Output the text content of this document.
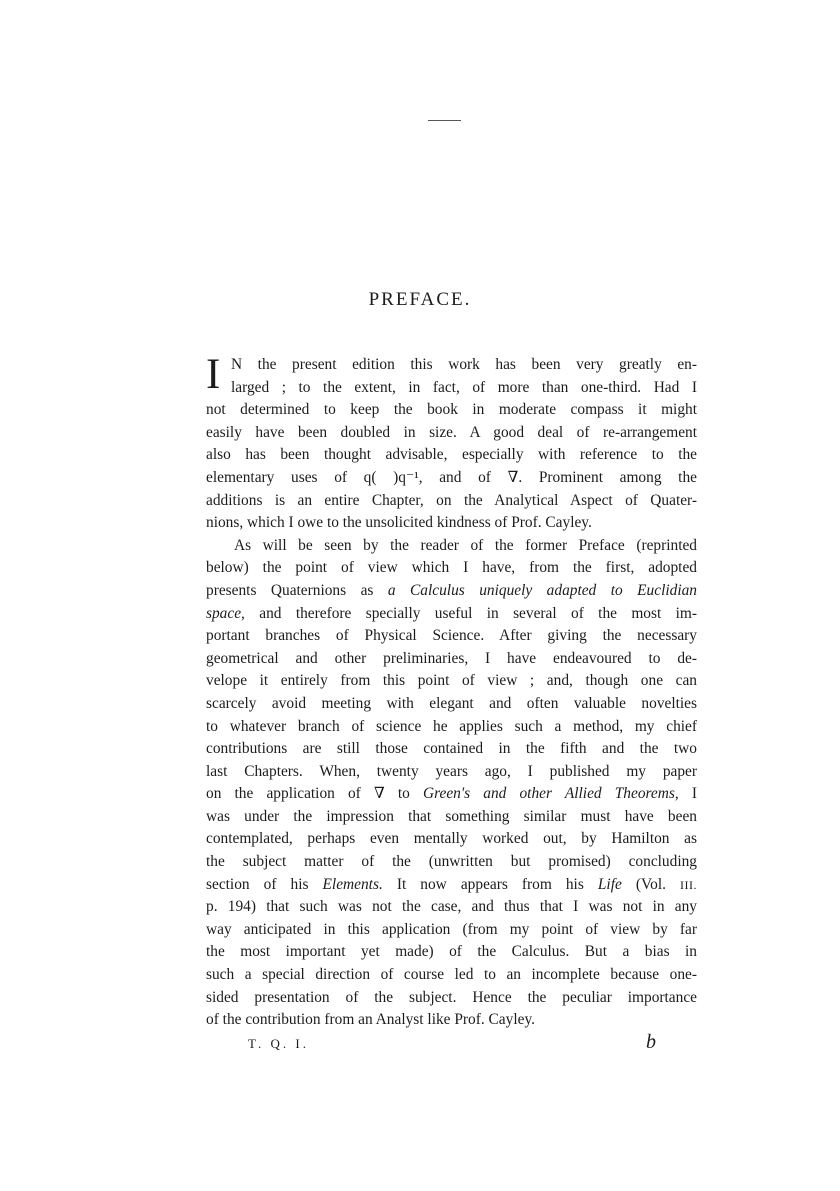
PREFACE.
I N the present edition this work has been very greatly en-
larged ; to the extent, in fact, of more than one-third. Had I
not determined to keep the book in moderate compass it might
easily have been doubled in size. A good deal of re-arrangement
also has been thought advisable, especially with reference to the
elementary uses of q( )q⁻¹, and of ∇. Prominent among the
additions is an entire Chapter, on the Analytical Aspect of Quater-
nions, which I owe to the unsolicited kindness of Prof. Cayley.
As will be seen by the reader of the former Preface (reprinted
below) the point of view which I have, from the first, adopted
presents Quaternions as a Calculus uniquely adapted to Euclidian
space, and therefore specially useful in several of the most im-
portant branches of Physical Science. After giving the necessary
geometrical and other preliminaries, I have endeavoured to de-
velope it entirely from this point of view ; and, though one can
scarcely avoid meeting with elegant and often valuable novelties
to whatever branch of science he applies such a method, my chief
contributions are still those contained in the fifth and the two
last Chapters. When, twenty years ago, I published my paper
on the application of ∇ to Green's and other Allied Theorems, I
was under the impression that something similar must have been
contemplated, perhaps even mentally worked out, by Hamilton as
the subject matter of the (unwritten but promised) concluding
section of his Elements. It now appears from his Life (Vol. III.
p. 194) that such was not the case, and thus that I was not in any
way anticipated in this application (from my point of view by far
the most important yet made) of the Calculus. But a bias in
such a special direction of course led to an incomplete because one-
sided presentation of the subject. Hence the peculiar importance
of the contribution from an Analyst like Prof. Cayley.
T. Q. I.	b
